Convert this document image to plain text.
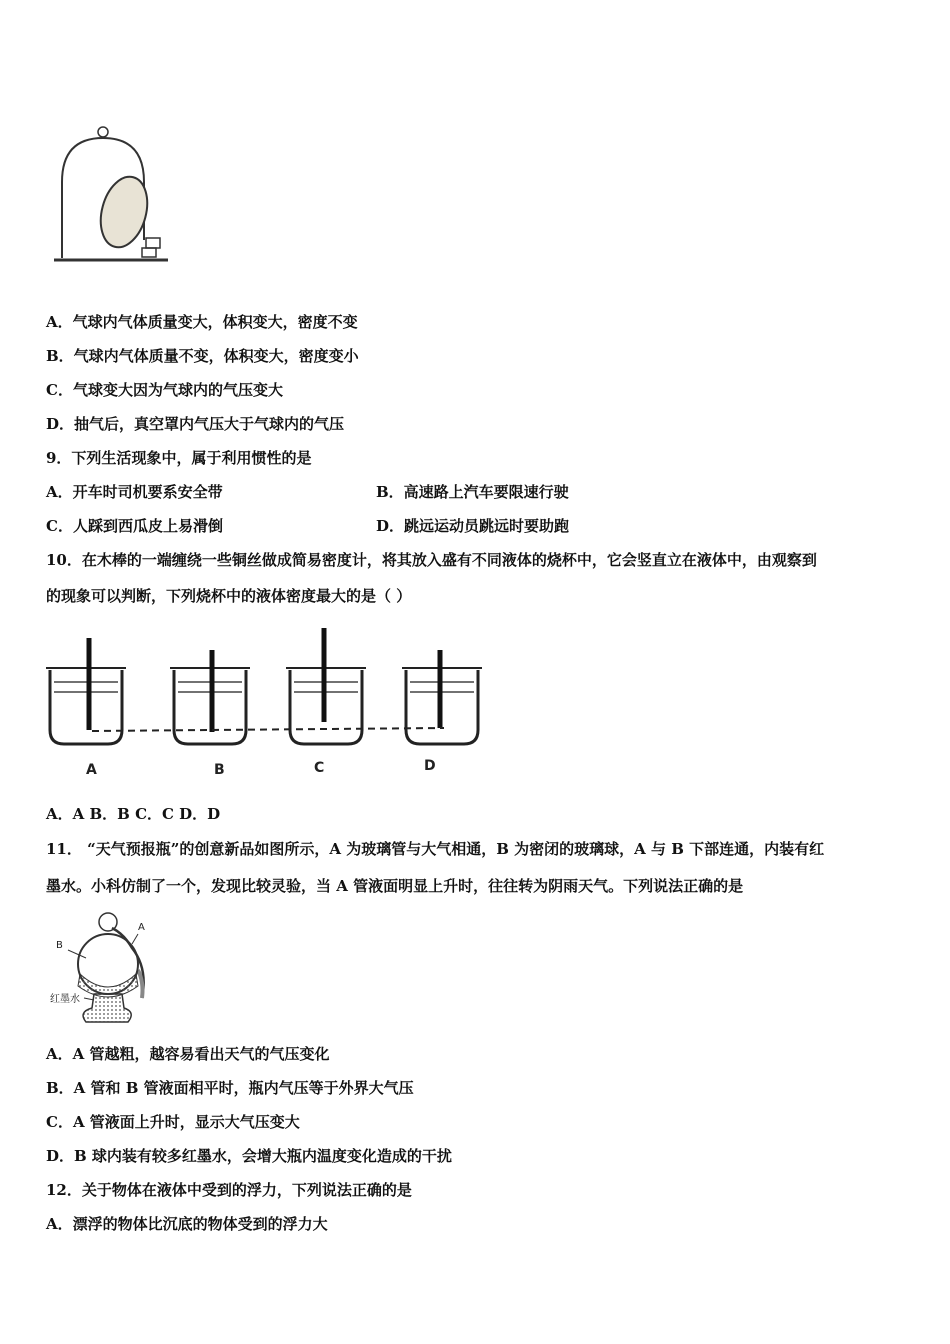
A．气球内气体质量变大，体积变大，密度不变
B．气球内气体质量不变，体积变大，密度变小
C．气球变大因为气球内的气压变大
D．抽气后，真空罩内气压大于气球内的气压
9．下列生活现象中，属于利用惯性的是
A．开车时司机要系安全带	B．高速路上汽车要限速行驶
C．人踩到西瓜皮上易滑倒	D．跳远运动员跳远时要助跑
10．在木棒的一端缠绕一些铜丝做成简易密度计，将其放入盛有不同液体的烧杯中，它会竖直立在液体中，由观察到
的现象可以判断，下列烧杯中的液体密度最大的是（ ）
A	B	C	D
A．A B．B C．C D．D
11． “天气预报瓶”的创意新品如图所示，A 为玻璃管与大气相通，B 为密闭的玻璃球，A 与 B 下部连通，内装有红
墨水。小科仿制了一个，发现比较灵验，当 A 管液面明显上升时，往往转为阴雨天气。下列说法正确的是
B
A
红墨水
A．A 管越粗，越容易看出天气的气压变化
B．A 管和 B 管液面相平时，瓶内气压等于外界大气压
C．A 管液面上升时，显示大气压变大
D．B 球内装有较多红墨水，会增大瓶内温度变化造成的干扰
12．关于物体在液体中受到的浮力，下列说法正确的是
A．漂浮的物体比沉底的物体受到的浮力大
